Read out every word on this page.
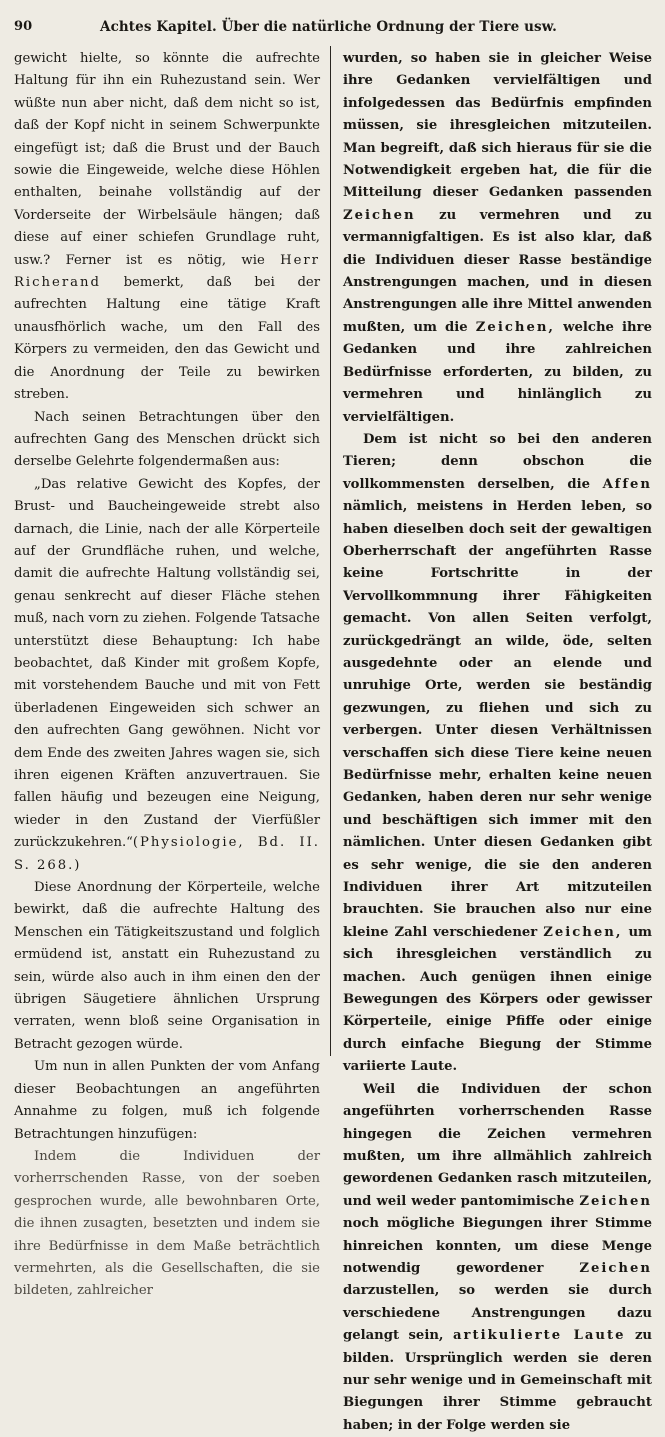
90	Achtes Kapitel. Über die natürliche Ordnung der Tiere usw.

gewicht hielte, so könnte die aufrechte Haltung für ihn ein Ruhezustand sein. Wer wüßte nun aber nicht, daß dem nicht so ist, daß der Kopf nicht in seinem Schwerpunkte eingefügt ist; daß die Brust und der Bauch sowie die Eingeweide, welche diese Höhlen enthalten, beinahe vollständig auf der Vorderseite der Wirbelsäule hängen; daß diese auf einer schiefen Grundlage ruht, usw.? Ferner ist es nötig, wie Herr Richerand bemerkt, daß bei der aufrechten Haltung eine tätige Kraft unausfhörlich wache, um den Fall des Körpers zu vermeiden, den das Gewicht und die Anordnung der Teile zu bewirken streben.

Nach seinen Betrachtungen über den aufrechten Gang des Menschen drückt sich derselbe Gelehrte folgendermaßen aus:

„Das relative Gewicht des Kopfes, der Brust- und Baucheingeweide strebt also darnach, die Linie, nach der alle Körperteile auf der Grundfläche ruhen, und welche, damit die aufrechte Haltung vollständig sei, genau senkrecht auf dieser Fläche stehen muß, nach vorn zu ziehen. Folgende Tatsache unterstützt diese Behauptung: Ich habe beobachtet, daß Kinder mit großem Kopfe, mit vorstehendem Bauche und mit von Fett überladenen Eingeweiden sich schwer an den aufrechten Gang gewöhnen. Nicht vor dem Ende des zweiten Jahres wagen sie, sich ihren eigenen Kräften anzuvertrauen. Sie fallen häufig und bezeugen eine Neigung, wieder in den Zustand der Vierfüßler zurückzukehren.“(Physiologie, Bd. II. S. 268.)

Diese Anordnung der Körperteile, welche bewirkt, daß die aufrechte Haltung des Menschen ein Tätigkeitszustand und folglich ermüdend ist, anstatt ein Ruhezustand zu sein, würde also auch in ihm einen den der übrigen Säugetiere ähnlichen Ursprung verraten, wenn bloß seine Organisation in Betracht gezogen würde.

Um nun in allen Punkten der vom Anfang dieser Beobachtungen an angeführten Annahme zu folgen, muß ich folgende Betrachtungen hinzufügen:

Indem die Individuen der vorherrschenden Rasse, von der soeben gesprochen wurde, alle bewohnbaren Orte, die ihnen zusagten, besetzten und indem sie ihre Bedürfnisse in dem Maße beträchtlich vermehrten, als die Gesellschaften, die sie bildeten, zahlreicher

wurden, so haben sie in gleicher Weise ihre Gedanken vervielfältigen und infolgedessen das Bedürfnis empfinden müssen, sie ihresgleichen mitzuteilen. Man begreift, daß sich hieraus für sie die Notwendigkeit ergeben hat, die für die Mitteilung dieser Gedanken passenden Zeichen zu vermehren und zu vermannigfaltigen. Es ist also klar, daß die Individuen dieser Rasse beständige Anstrengungen machen, und in diesen Anstrengungen alle ihre Mittel anwenden mußten, um die Zeichen, welche ihre Gedanken und ihre zahlreichen Bedürfnisse erforderten, zu bilden, zu vermehren und hinlänglich zu vervielfältigen.

Dem ist nicht so bei den anderen Tieren; denn obschon die vollkommensten derselben, die Affen nämlich, meistens in Herden leben, so haben dieselben doch seit der gewaltigen Oberherrschaft der angeführten Rasse keine Fortschritte in der Vervollkommnung ihrer Fähigkeiten gemacht. Von allen Seiten verfolgt, zurückgedrängt an wilde, öde, selten ausgedehnte oder an elende und unruhige Orte, werden sie beständig gezwungen, zu fliehen und sich zu verbergen. Unter diesen Verhältnissen verschaffen sich diese Tiere keine neuen Bedürfnisse mehr, erhalten keine neuen Gedanken, haben deren nur sehr wenige und beschäftigen sich immer mit den nämlichen. Unter diesen Gedanken gibt es sehr wenige, die sie den anderen Individuen ihrer Art mitzuteilen brauchten. Sie brauchen also nur eine kleine Zahl verschiedener Zeichen, um sich ihresgleichen verständlich zu machen. Auch genügen ihnen einige Bewegungen des Körpers oder gewisser Körperteile, einige Pfiffe oder einige durch einfache Biegung der Stimme variierte Laute.

Weil die Individuen der schon angeführten vorherrschenden Rasse hingegen die Zeichen vermehren mußten, um ihre allmählich zahlreich gewordenen Gedanken rasch mitzuteilen, und weil weder pantomimische Zeichen noch mögliche Biegungen ihrer Stimme hinreichen konnten, um diese Menge notwendig gewordener	Zeichen darzustellen, so werden sie durch verschiedene Anstrengungen dazu gelangt sein, artikulierte Laute zu bilden. Ursprünglich werden sie deren nur sehr wenige und in Gemeinschaft mit Biegungen ihrer Stimme gebraucht haben; in der Folge werden sie
